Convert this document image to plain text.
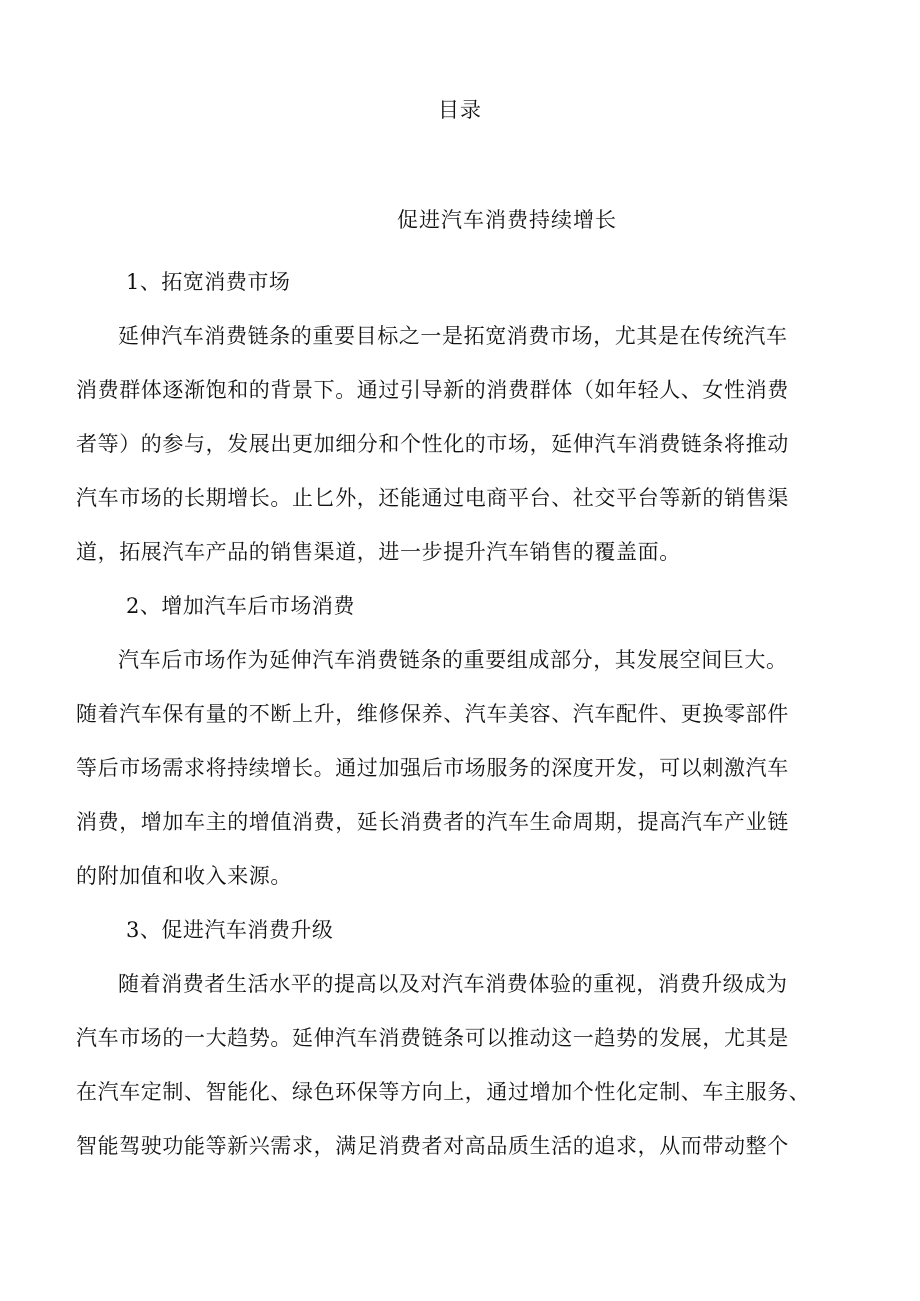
目录
促进汽车消费持续增长
1、拓宽消费市场
延伸汽车消费链条的重要目标之一是拓宽消费市场，尤其是在传统汽车
消费群体逐渐饱和的背景下。通过引导新的消费群体（如年轻人、女性消费
者等）的参与，发展出更加细分和个性化的市场，延伸汽车消费链条将推动
汽车市场的长期增长。止匕外，还能通过电商平台、社交平台等新的销售渠
道，拓展汽车产品的销售渠道，进一步提升汽车销售的覆盖面。
2、增加汽车后市场消费
汽车后市场作为延伸汽车消费链条的重要组成部分，其发展空间巨大。
随着汽车保有量的不断上升，维修保养、汽车美容、汽车配件、更换零部件
等后市场需求将持续增长。通过加强后市场服务的深度开发，可以刺激汽车
消费，增加车主的增值消费，延长消费者的汽车生命周期，提高汽车产业链
的附加值和收入来源。
3、促进汽车消费升级
随着消费者生活水平的提高以及对汽车消费体验的重视，消费升级成为
汽车市场的一大趋势。延伸汽车消费链条可以推动这一趋势的发展，尤其是
在汽车定制、智能化、绿色环保等方向上，通过增加个性化定制、车主服务、
智能驾驶功能等新兴需求，满足消费者对高品质生活的追求，从而带动整个
